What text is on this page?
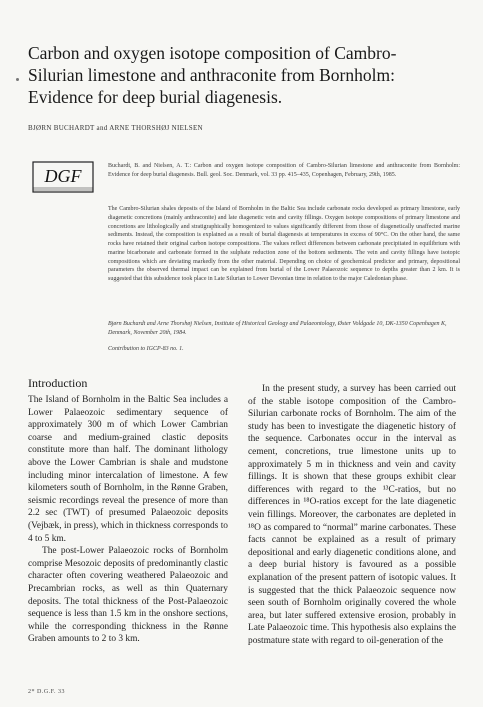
Carbon and oxygen isotope composition of Cambro-Silurian limestone and anthraconite from Bornholm: Evidence for deep burial diagenesis.
BJØRN BUCHARDT and ARNE THORSHØJ NIELSEN
DGF	Buchardt, B. and Nielsen, A. T.: Carbon and oxygen isotope composition of Cambro-Silurian limestone and anthraconite from Bornholm: Evidence for deep burial diagenesis. Bull. geol. Soc. Denmark, vol. 33 pp. 415–435, Copenhagen, February, 29th, 1985.
The Cambro-Silurian shales deposits of the Island of Bornholm in the Baltic Sea include carbonate rocks developed as primary limestone, early diagenetic concretions (mainly anthraconite) and late diagenetic vein and cavity fillings. Oxygen isotope compositions of primary limestone and concretions are lithologically and stratigraphically homogenized to values significantly different from those of diagenetically unaffected marine sediments. Instead, the composition is explained as a result of burial diagenesis at temperatures in excess of 90°C. On the other hand, the same rocks have retained their original carbon isotope compositions. The values reflect differences between carbonate precipitated in equilibrium with marine bicarbonate and carbonate formed in the sulphate reduction zone of the bottom sediments. The vein and cavity fillings have isotopic compositions which are deviating markedly from the other material. Depending on choice of geochemical predictor and primary, depositional parameters the observed thermal impact can be explained from burial of the Lower Palaeozoic sequence to depths greater than 2 km. It is suggested that this subsidence took place in Late Silurian to Lower Devonian time in relation to the major Caledonian phase.
Bjørn Buchardt and Arne Thorshøj Nielsen, Institute of Historical Geology and Palaeontology, Øster Voldgade 10, DK-1350 Copenhagen K, Denmark, November 20th, 1984.
Contribution to IGCP-83 no. 1.
Introduction

The Island of Bornholm in the Baltic Sea includes a Lower Palaeozoic sedimentary sequence of approximately 300 m of which Lower Cambrian coarse and medium-grained clastic deposits constitute more than half. The dominant lithology above the Lower Cambrian is shale and mudstone including minor intercalation of limestone. A few kilometers south of Bornholm, in the Rønne Graben, seismic recordings reveal the presence of more than 2.2 sec (TWT) of presumed Palaeozoic deposits (Vejbæk, in press), which in thickness corresponds to 4 to 5 km.

The post-Lower Palaeozoic rocks of Bornholm comprise Mesozoic deposits of predominantly clastic character often covering weathered Palaeozoic and Precambrian rocks, as well as thin Quaternary deposits. The total thickness of the Post-Palaeozoic sequence is less than 1.5 km in the onshore sections, while the corresponding thickness in the Rønne Graben amounts to 2 to 3 km.

In the present study, a survey has been carried out of the stable isotope composition of the Cambro-Silurian carbonate rocks of Bornholm. The aim of the study has been to investigate the diagenetic history of the sequence. Carbonates occur in the interval as cement, concretions, true limestone units up to approximately 5 m in thickness and vein and cavity fillings. It is shown that these groups exhibit clear differences with regard to the ¹³C-ratios, but no differences in ¹⁸O-ratios except for the late diagenetic vein fillings. Moreover, the carbonates are depleted in ¹⁸O as compared to “normal” marine carbonates. These facts cannot be explained as a result of primary depositional and early diagenetic conditions alone, and a deep burial history is favoured as a possible explanation of the present pattern of isotopic values. It is suggested that the thick Palaeozoic sequence now seen south of Bornholm originally covered the whole area, but later suffered extensive erosion, probably in Late Palaeozoic time. This hypothesis also explains the postmature state with regard to oil-generation of the

2* D.G.F. 33
